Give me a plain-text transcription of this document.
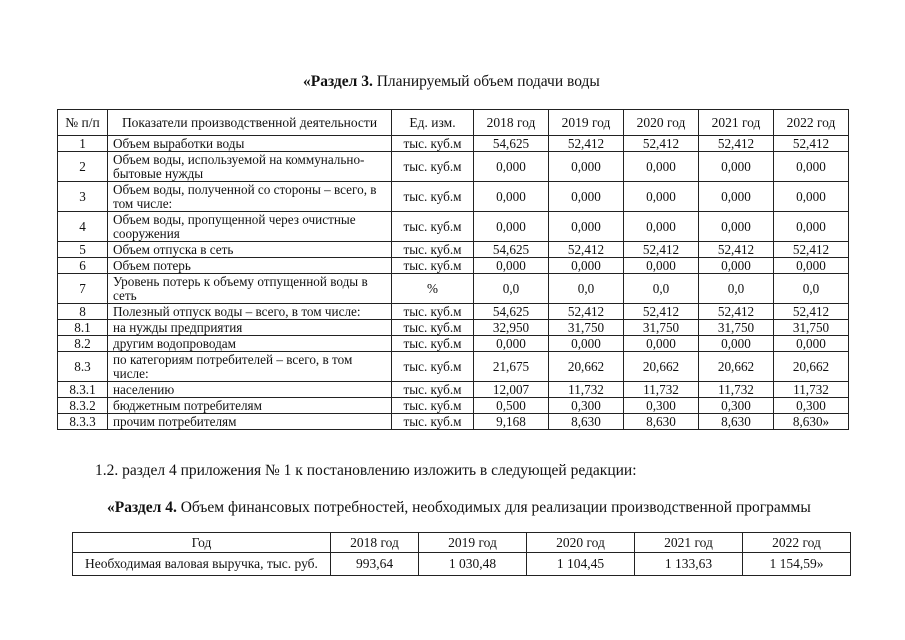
«Раздел 3. Планируемый объем подачи воды
№ п/п	Показатели производственной деятельности	Ед. изм.	2018 год	2019 год	2020 год	2021 год	2022 год
1	Объем выработки воды	тыс. куб.м	54,625	52,412	52,412	52,412	52,412
2	Объем воды, используемой на коммунально-бытовые нужды	тыс. куб.м	0,000	0,000	0,000	0,000	0,000
3	Объем воды, полученной со стороны – всего, в том числе:	тыс. куб.м	0,000	0,000	0,000	0,000	0,000
4	Объем воды, пропущенной через очистные сооружения	тыс. куб.м	0,000	0,000	0,000	0,000	0,000
5	Объем отпуска в сеть	тыс. куб.м	54,625	52,412	52,412	52,412	52,412
6	Объем потерь	тыс. куб.м	0,000	0,000	0,000	0,000	0,000
7	Уровень потерь к объему отпущенной воды в сеть	%	0,0	0,0	0,0	0,0	0,0
8	Полезный отпуск воды – всего, в том числе:	тыс. куб.м	54,625	52,412	52,412	52,412	52,412
8.1	на нужды предприятия	тыс. куб.м	32,950	31,750	31,750	31,750	31,750
8.2	другим водопроводам	тыс. куб.м	0,000	0,000	0,000	0,000	0,000
8.3	по категориям потребителей – всего, в том числе:	тыс. куб.м	21,675	20,662	20,662	20,662	20,662
8.3.1	населению	тыс. куб.м	12,007	11,732	11,732	11,732	11,732
8.3.2	бюджетным потребителям	тыс. куб.м	0,500	0,300	0,300	0,300	0,300
8.3.3	прочим потребителям	тыс. куб.м	9,168	8,630	8,630	8,630	8,630»
1.2. раздел 4 приложения № 1 к постановлению изложить в следующей редакции:
«Раздел 4. Объем финансовых потребностей, необходимых для реализации производственной программы
Год	2018 год	2019 год	2020 год	2021 год	2022 год
Необходимая валовая выручка, тыс. руб.	993,64	1 030,48	1 104,45	1 133,63	1 154,59»
